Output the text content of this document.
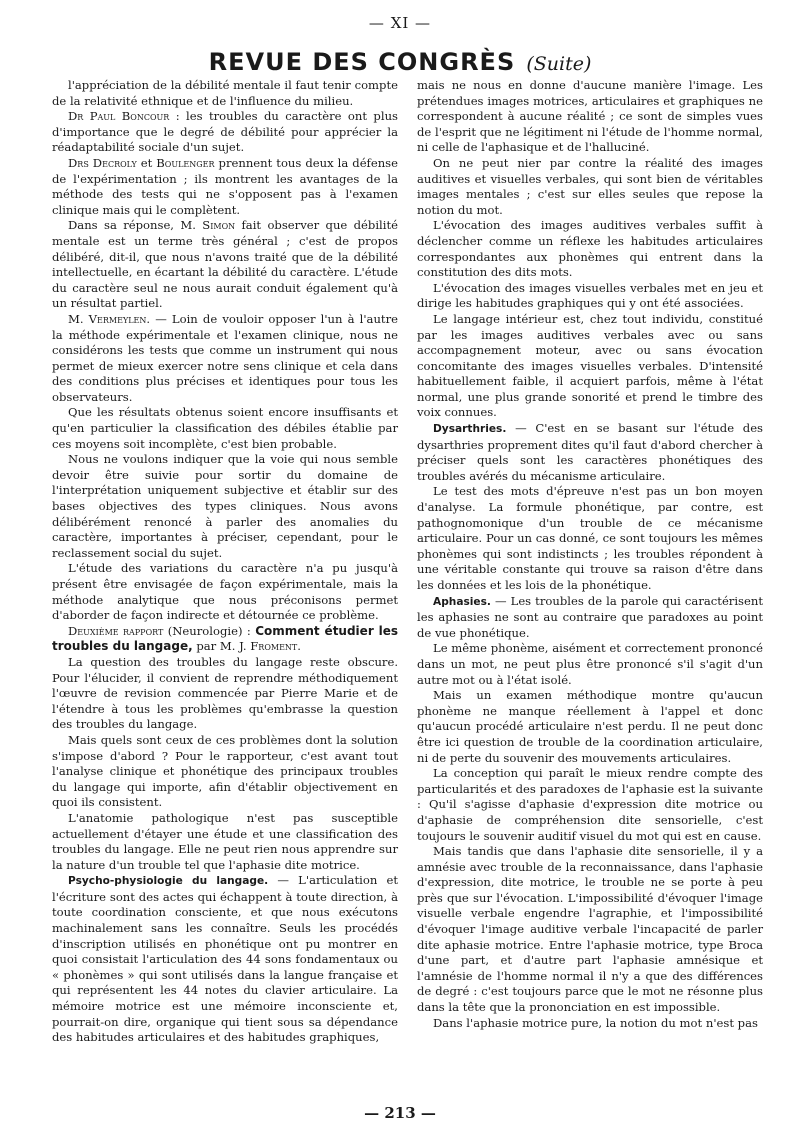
— XI —
REVUE DES CONGRÈS (Suite)

l'appréciation de la débilité mentale il faut tenir compte de la relativité ethnique et de l'influence du milieu.

Dr Paul Boncour : les troubles du caractère ont plus d'importance que le degré de débilité pour apprécier la réadaptabilité sociale d'un sujet.

Drs Decroly et Boulenger prennent tous deux la défense de l'expérimentation ; ils montrent les avantages de la méthode des tests qui ne s'opposent pas à l'examen clinique mais qui le complètent.

Dans sa réponse, M. Simon fait observer que débilité mentale est un terme très général ; c'est de propos délibéré, dit-il, que nous n'avons traité que de la débilité intellectuelle, en écartant la débilité du caractère. L'étude du caractère seul ne nous aurait conduit également qu'à un résultat partiel.

M. Vermeylen. — Loin de vouloir opposer l'un à l'autre la méthode expérimentale et l'examen clinique, nous ne considérons les tests que comme un instrument qui nous permet de mieux exercer notre sens clinique et cela dans des conditions plus précises et identiques pour tous les observateurs.

Que les résultats obtenus soient encore insuffisants et qu'en particulier la classification des débiles établie par ces moyens soit incomplète, c'est bien probable.

Nous ne voulons indiquer que la voie qui nous semble devoir être suivie pour sortir du domaine de l'interprétation uniquement subjective et établir sur des bases objectives des types cliniques. Nous avons délibérément renoncé à parler des anomalies du caractère, importantes à préciser, cependant, pour le reclassement social du sujet.

L'étude des variations du caractère n'a pu jusqu'à présent être envisagée de façon expérimentale, mais la méthode analytique que nous préconisons permet d'aborder de façon indirecte et détournée ce problème.

Deuxième rapport (Neurologie) : Comment étudier les troubles du langage, par M. J. Froment.

La question des troubles du langage reste obscure. Pour l'élucider, il convient de reprendre méthodiquement l'œuvre de revision commencée par Pierre Marie et de l'étendre à tous les problèmes qu'embrasse la question des troubles du langage.

Mais quels sont ceux de ces problèmes dont la solution s'impose d'abord ? Pour le rapporteur, c'est avant tout l'analyse clinique et phonétique des principaux troubles du langage qui importe, afin d'établir objectivement en quoi ils consistent.

L'anatomie pathologique n'est pas susceptible actuellement d'étayer une étude et une classification des troubles du langage. Elle ne peut rien nous apprendre sur la nature d'un trouble tel que l'aphasie dite motrice.

Psycho-physiologie du langage. — L'articulation et l'écriture sont des actes qui échappent à toute direction, à toute coordination consciente, et que nous exécutons machinalement sans les connaître. Seuls les procédés d'inscription utilisés en phonétique ont pu montrer en quoi consistait l'articulation des 44 sons fondamentaux ou « phonèmes » qui sont utilisés dans la langue française et qui représentent les 44 notes du clavier articulaire. La mémoire motrice est une mémoire inconsciente et, pourrait-on dire, organique qui tient sous sa dépendance des habitudes articulaires et des habitudes graphiques,

mais ne nous en donne d'aucune manière l'image. Les prétendues images motrices, articulaires et graphiques ne correspondent à aucune réalité ; ce sont de simples vues de l'esprit que ne légitiment ni l'étude de l'homme normal, ni celle de l'aphasique et de l'halluciné.

On ne peut nier par contre la réalité des images auditives et visuelles verbales, qui sont bien de véritables images mentales ; c'est sur elles seules que repose la notion du mot.

L'évocation des images auditives verbales suffit à déclencher comme un réflexe les habitudes articulaires correspondantes aux phonèmes qui entrent dans la constitution des dits mots.

L'évocation des images visuelles verbales met en jeu et dirige les habitudes graphiques qui y ont été associées.

Le langage intérieur est, chez tout individu, constitué par les images auditives verbales avec ou sans accompagnement moteur, avec ou sans évocation concomitante des images visuelles verbales. D'intensité habituellement faible, il acquiert parfois, même à l'état normal, une plus grande sonorité et prend le timbre des voix connues.

Dysarthries. — C'est en se basant sur l'étude des dysarthries proprement dites qu'il faut d'abord chercher à préciser quels sont les caractères phonétiques des troubles avérés du mécanisme articulaire.

Le test des mots d'épreuve n'est pas un bon moyen d'analyse. La formule phonétique, par contre, est pathognomonique d'un trouble de ce mécanisme articulaire. Pour un cas donné, ce sont toujours les mêmes phonèmes qui sont indistincts ; les troubles répondent à une véritable constante qui trouve sa raison d'être dans les données et les lois de la phonétique.

Aphasies. — Les troubles de la parole qui caractérisent les aphasies ne sont au contraire que paradoxes au point de vue phonétique.

Le même phonème, aisément et correctement prononcé dans un mot, ne peut plus être prononcé s'il s'agit d'un autre mot ou à l'état isolé.

Mais un examen méthodique montre qu'aucun phonème ne manque réellement à l'appel et donc qu'aucun procédé articulaire n'est perdu. Il ne peut donc être ici question de trouble de la coordination articulaire, ni de perte du souvenir des mouvements articulaires.

La conception qui paraît le mieux rendre compte des particularités et des paradoxes de l'aphasie est la suivante : Qu'il s'agisse d'aphasie d'expression dite motrice ou d'aphasie de compréhension dite sensorielle, c'est toujours le souvenir auditif visuel du mot qui est en cause.

Mais tandis que dans l'aphasie dite sensorielle, il y a amnésie avec trouble de la reconnaissance, dans l'aphasie d'expression, dite motrice, le trouble ne se porte à peu près que sur l'évocation. L'impossibilité d'évoquer l'image visuelle verbale engendre l'agraphie, et l'impossibilité d'évoquer l'image auditive verbale l'incapacité de parler dite aphasie motrice. Entre l'aphasie motrice, type Broca d'une part, et d'autre part l'aphasie amnésique et l'amnésie de l'homme normal il n'y a que des différences de degré : c'est toujours parce que le mot ne résonne plus dans la tête que la prononciation en est impossible.

Dans l'aphasie motrice pure, la notion du mot n'est pas

— 213 —
